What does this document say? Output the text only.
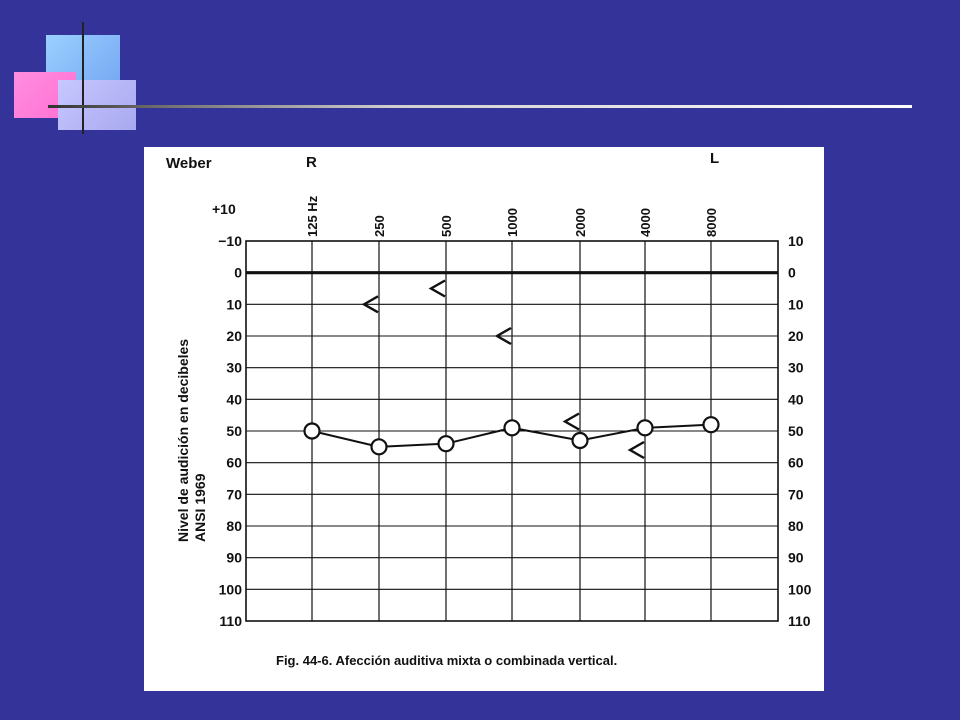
125 Hz	250	500	1000	2000	4000	8000
−10
0
10
20
30
40
50
60
70
80
90
100
110
10
0
10
20
30
40
50
60
70
80
90
100
110
Weber	R	L
+10
Nivel de audición en decibeles ANSI 1969
Fig. 44-6. Afección auditiva mixta o combinada vertical.
